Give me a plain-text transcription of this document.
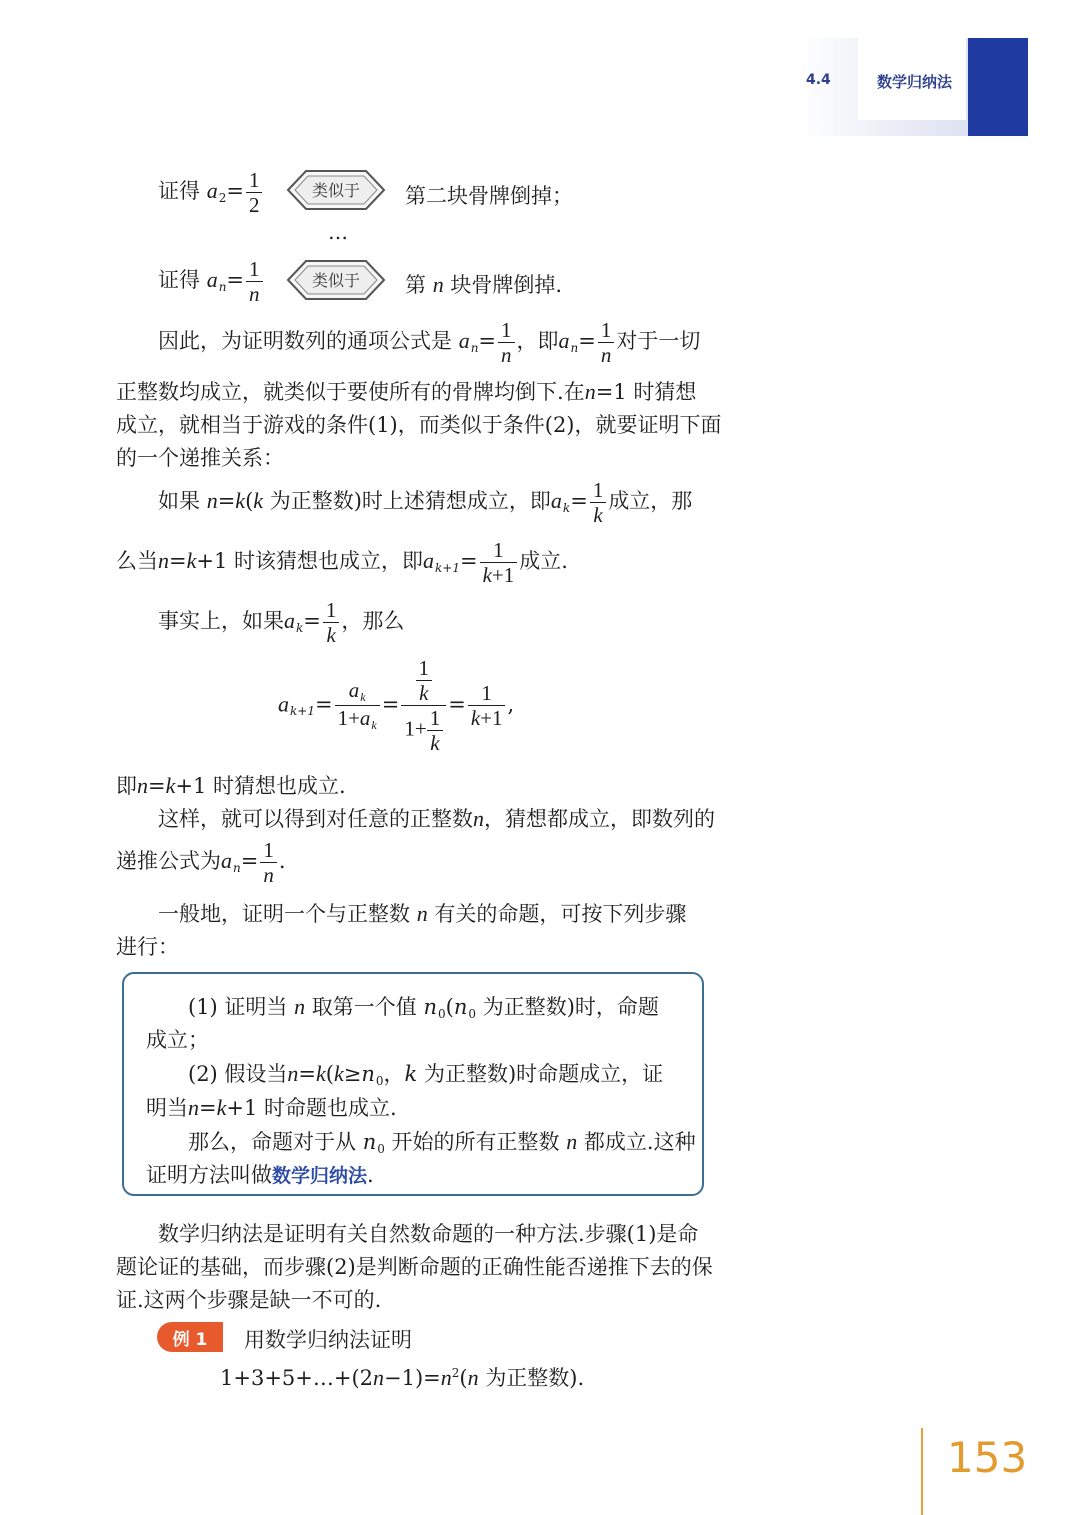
4.4	数学归纳法
证得 $a2= \frac{1}{2}$	类似于 第二块骨牌倒掉；
…
证得 $a_n= \frac{1}{n}$	类似于 第 n 块骨牌倒掉.
因此，为证明数列的通项公式是 $a_n= \frac{1}{n}$ ，即$a_n= \frac{1}{n}$ 对于一切
正整数均成立，就类似于要使所有的骨牌均倒下.在n=1 时猜想
成立，就相当于游戏的条件(1)，而类似于条件(2)，就要证明下面
的一个递推关系：
如果 n=k(k 为正整数)时上述猜想成立，即$a_k= \frac{1}{k}$ 成立，那
么当n=k+1 时该猜想也成立，即$a_{k+1}= \frac{1}{k+1}$ 成立.
事实上，如果$a_k= \frac{1}{k}$ ，那么
$a_{k+1}= \frac{a_k}{1+a_k} = \frac{\frac{1}{k}}{1+ \frac{1}{k}} = \frac{1}{k+1}$ ,
即n=k+1 时猜想也成立.
这样，就可以得到对任意的正整数n，猜想都成立，即数列的
递推公式为$a_n= \frac{1}{n}$ .
一般地，证明一个与正整数 n 有关的命题，可按下列步骤
进行：
(1) 证明当 n 取第一个值 n0(n0 为正整数)时，命题
成立；
(2) 假设当n=k(k≥n0，k 为正整数)时命题成立，证
明当n=k+1 时命题也成立.
那么，命题对于从 n0 开始的所有正整数 n 都成立.这种
证明方法叫做数学归纳法.
数学归纳法是证明有关自然数命题的一种方法.步骤(1)是命
题论证的基础，而步骤(2)是判断命题的正确性能否递推下去的保
证.这两个步骤是缺一不可的.
例 1	用数学归纳法证明
$1+3+5+\dots+(2n-1)=n^2(n$ 为正整数).
153
